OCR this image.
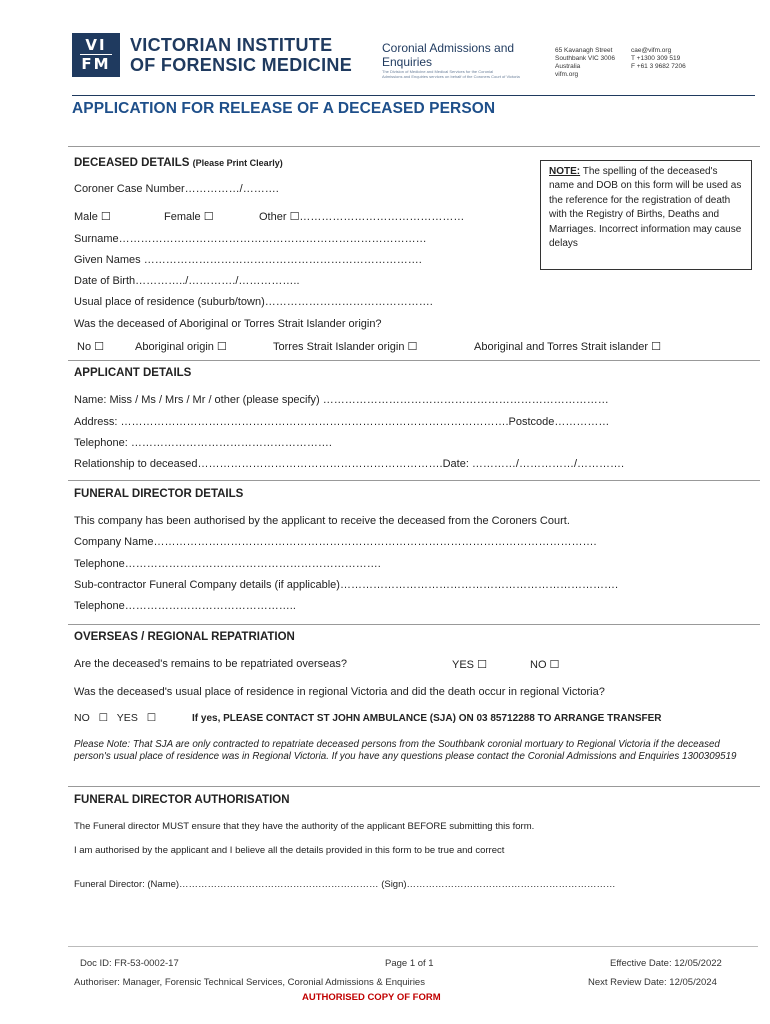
VI
FM
VICTORIAN INSTITUTE
OF FORENSIC MEDICINE
Coronial Admissions and
Enquiries
The Division of Medicine and Medical Services for the Coronial
Admissions and Enquiries services on behalf of the Coroners Court of Victoria
65 Kavanagh Street
Southbank VIC 3006
Australia
vifm.org
cae@vifm.org
T +1300 309 519
F +61 3 9682 7206
APPLICATION FOR RELEASE OF A DECEASED PERSON
DECEASED DETAILS (Please Print Clearly)
Coroner Case Number……………/……….
Male ☐	Female ☐	Other ☐………………………………………
Surname…………………………………………………………………………
Given Names ………………………………………………………………….
Date of Birth…………../…………./……………..
Usual place of residence (suburb/town)……………………………………….
Was the deceased of Aboriginal or Torres Strait Islander origin?
No ☐	Aboriginal origin ☐	Torres Strait Islander origin ☐	Aboriginal and Torres Strait islander ☐
NOTE: The spelling of the deceased's name and DOB on this form will be used as the reference for the registration of death with the Registry of Births, Deaths and Marriages. Incorrect information may cause delays
APPLICANT DETAILS
Name: Miss / Ms / Mrs / Mr / other (please specify) ……………………………………………………………………
Address: …………………………………………………………………………………………….Postcode……………
Telephone: ……………………………………………….
Relationship to deceased………………………………………………………….Date: …………/……………/………….
FUNERAL DIRECTOR DETAILS
This company has been authorised by the applicant to receive the deceased from the Coroners Court.
Company Name………………………………………………………………………………………………………….
Telephone…………………………………………………………….
Sub-contractor Funeral Company details (if applicable)………………………………………………………………….
Telephone………………………………………..
OVERSEAS / REGIONAL REPATRIATION
Are the deceased's remains to be repatriated overseas?	YES ☐	NO ☐
Was the deceased's usual place of residence in regional Victoria and did the death occur in regional Victoria?
NO ☐ YES ☐	If yes, PLEASE CONTACT ST JOHN AMBULANCE (SJA) ON 03 85712288 TO ARRANGE TRANSFER
Please Note: That SJA are only contracted to repatriate deceased persons from the Southbank coronial mortuary to Regional Victoria if the deceased person's usual place of residence was in Regional Victoria. If you have any questions please contact the Coronial Admissions and Enquiries 1300309519
FUNERAL DIRECTOR AUTHORISATION
The Funeral director MUST ensure that they have the authority of the applicant BEFORE submitting this form.
I am authorised by the applicant and I believe all the details provided in this form to be true and correct
Funeral Director: (Name)……………………………………………………… (Sign)…………………………………………………………
Doc ID: FR-53-0002-17	Page 1 of 1	Effective Date: 12/05/2022
Authoriser: Manager, Forensic Technical Services, Coronial Admissions & Enquiries	Next Review Date: 12/05/2024
AUTHORISED COPY OF FORM
